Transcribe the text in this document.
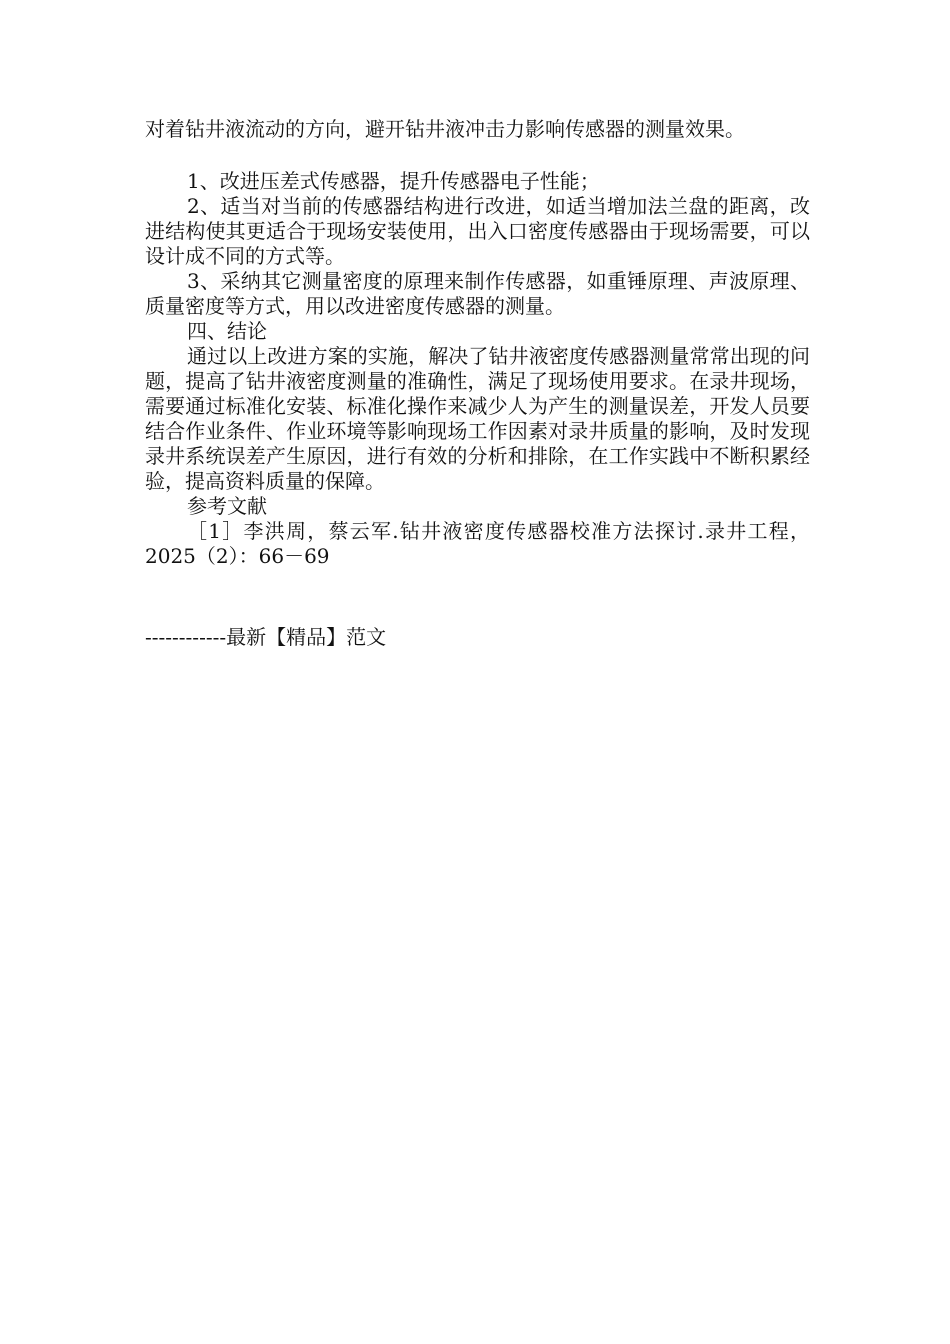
对着钻井液流动的方向，避开钻井液冲击力影响传感器的测量效果。

1、改进压差式传感器，提升传感器电子性能；

2、适当对当前的传感器结构进行改进，如适当增加法兰盘的距离，改进结构使其更适合于现场安装使用，出入口密度传感器由于现场需要，可以设计成不同的方式等。

3、采纳其它测量密度的原理来制作传感器，如重锤原理、声波原理、质量密度等方式，用以改进密度传感器的测量。

四、结论

通过以上改进方案的实施，解决了钻井液密度传感器测量常常出现的问题，提高了钻井液密度测量的准确性，满足了现场使用要求。在录井现场，需要通过标准化安装、标准化操作来减少人为产生的测量误差，开发人员要结合作业条件、作业环境等影响现场工作因素对录井质量的影响，及时发现录井系统误差产生原因，进行有效的分析和排除，在工作实践中不断积累经验，提高资料质量的保障。

参考文献

［1］李洪周，蔡云军.钻井液密度传感器校准方法探讨.录井工程，2025（2）：66－69

------------最新【精品】范文
